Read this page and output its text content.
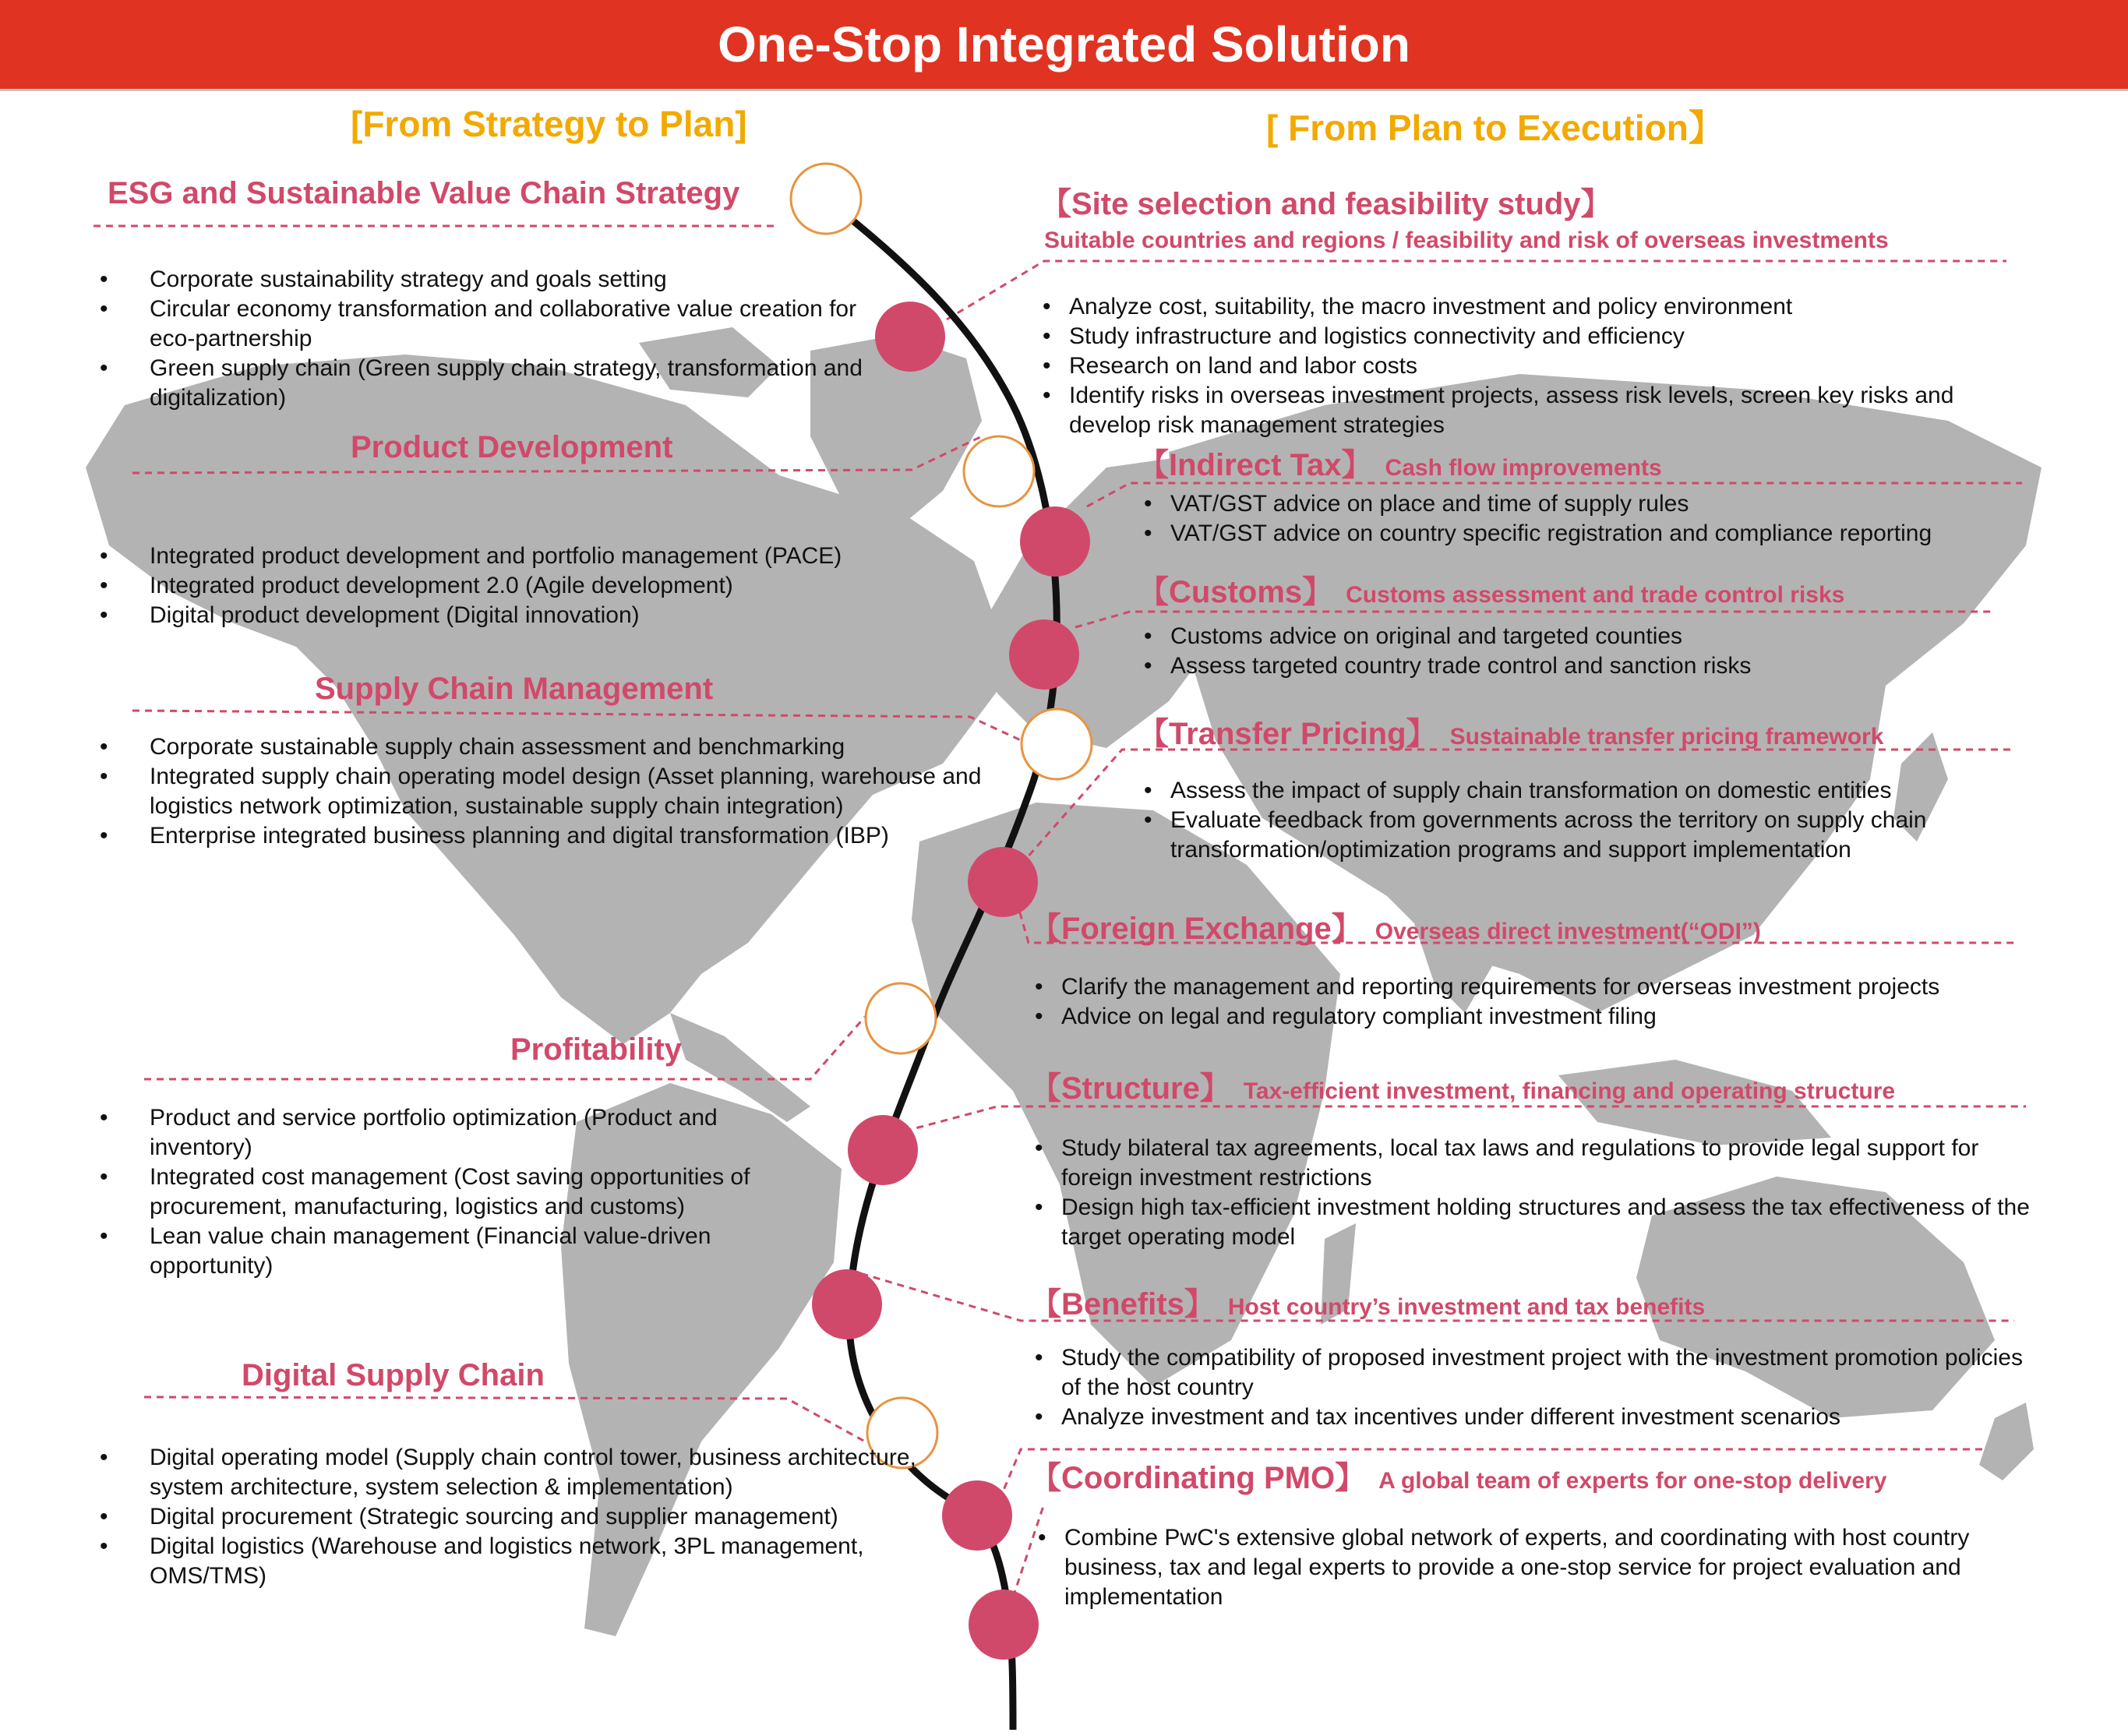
One-Stop Integrated Solution
[From Strategy to Plan]	[ From Plan to Execution】
ESG and Sustainable Value Chain Strategy
• Corporate sustainability strategy and goals setting
• Circular economy transformation and collaborative value creation for eco-partnership
• Green supply chain (Green supply chain strategy, transformation and digitalization)
Product Development
• Integrated product development and portfolio management (PACE)
• Integrated product development 2.0 (Agile development)
• Digital product development (Digital innovation)
Supply Chain Management
• Corporate sustainable supply chain assessment and benchmarking
• Integrated supply chain operating model design (Asset planning, warehouse and logistics network optimization, sustainable supply chain integration)
• Enterprise integrated business planning and digital transformation (IBP)
Profitability
• Product and service portfolio optimization (Product and inventory)
• Integrated cost management (Cost saving opportunities of procurement, manufacturing, logistics and customs)
• Lean value chain management (Financial value-driven opportunity)
Digital Supply Chain
• Digital operating model (Supply chain control tower, business architecture, system architecture, system selection & implementation)
• Digital procurement (Strategic sourcing and supplier management)
• Digital logistics (Warehouse and logistics network, 3PL management, OMS/TMS)
【Site selection and feasibility study】
Suitable countries and regions / feasibility and risk of overseas investments
• Analyze cost, suitability, the macro investment and policy environment
• Study infrastructure and logistics connectivity and efficiency
• Research on land and labor costs
• Identify risks in overseas investment projects, assess risk levels, screen key risks and develop risk management strategies
【Indirect Tax】 Cash flow improvements
• VAT/GST advice on place and time of supply rules
• VAT/GST advice on country specific registration and compliance reporting
【Customs】 Customs assessment and trade control risks
• Customs advice on original and targeted counties
• Assess targeted country trade control and sanction risks
【Transfer Pricing】 Sustainable transfer pricing framework
• Assess the impact of supply chain transformation on domestic entities
• Evaluate feedback from governments across the territory on supply chain transformation/optimization programs and support implementation
【Foreign Exchange】 Overseas direct investment(“ODI”)
• Clarify the management and reporting requirements for overseas investment projects
• Advice on legal and regulatory compliant investment filing
【Structure】 Tax-efficient investment, financing and operating structure
• Study bilateral tax agreements, local tax laws and regulations to provide legal support for foreign investment restrictions
• Design high tax-efficient investment holding structures and assess the tax effectiveness of the target operating model
【Benefits】 Host country’s investment and tax benefits
• Study the compatibility of proposed investment project with the investment promotion policies of the host country
• Analyze investment and tax incentives under different investment scenarios
【Coordinating PMO】 A global team of experts for one-stop delivery
• Combine PwC's extensive global network of experts, and coordinating with host country business, tax and legal experts to provide a one-stop service for project evaluation and implementation
